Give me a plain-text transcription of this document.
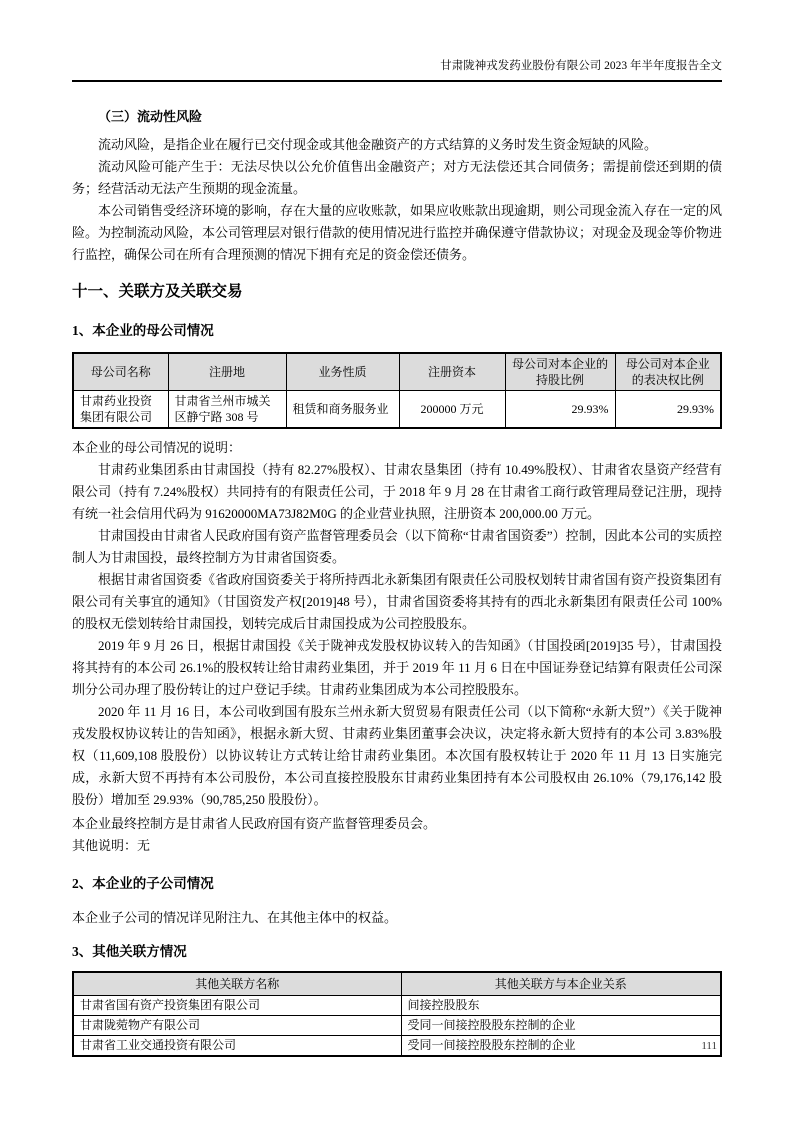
甘肃陇神戎发药业股份有限公司 2023 年半年度报告全文

（三）流动性风险

流动风险，是指企业在履行已交付现金或其他金融资产的方式结算的义务时发生资金短缺的风险。

流动风险可能产生于：无法尽快以公允价值售出金融资产；对方无法偿还其合同债务；需提前偿还到期的债务；经营活动无法产生预期的现金流量。

本公司销售受经济环境的影响，存在大量的应收账款，如果应收账款出现逾期，则公司现金流入存在一定的风险。为控制流动风险，本公司管理层对银行借款的使用情况进行监控并确保遵守借款协议；对现金及现金等价物进行监控，确保公司在所有合理预测的情况下拥有充足的资金偿还债务。

十一、关联方及关联交易

1、本企业的母公司情况

母公司名称	注册地	业务性质	注册资本	母公司对本企业的持股比例	母公司对本企业的表决权比例
甘肃药业投资集团有限公司	甘肃省兰州市城关区静宁路 308 号	租赁和商务服务业	200000 万元	29.93%	29.93%

本企业的母公司情况的说明：

甘肃药业集团系由甘肃国投（持有 82.27%股权）、甘肃农垦集团（持有 10.49%股权）、甘肃省农垦资产经营有限公司（持有 7.24%股权）共同持有的有限责任公司，于 2018 年 9 月 28 在甘肃省工商行政管理局登记注册，现持有统一社会信用代码为 91620000MA73J82M0G 的企业营业执照，注册资本 200,000.00 万元。

甘肃国投由甘肃省人民政府国有资产监督管理委员会（以下简称“甘肃省国资委”）控制，因此本公司的实质控制人为甘肃国投，最终控制方为甘肃省国资委。

根据甘肃省国资委《省政府国资委关于将所持西北永新集团有限责任公司股权划转甘肃省国有资产投资集团有限公司有关事宜的通知》（甘国资发产权[2019]48 号），甘肃省国资委将其持有的西北永新集团有限责任公司 100%的股权无偿划转给甘肃国投，划转完成后甘肃国投成为公司控股股东。

2019 年 9 月 26 日，根据甘肃国投《关于陇神戎发股权协议转入的告知函》（甘国投函[2019]35 号），甘肃国投将其持有的本公司 26.1%的股权转让给甘肃药业集团，并于 2019 年 11 月 6 日在中国证券登记结算有限责任公司深圳分公司办理了股份转让的过户登记手续。甘肃药业集团成为本公司控股股东。

2020 年 11 月 16 日，本公司收到国有股东兰州永新大贸贸易有限责任公司（以下简称“永新大贸”）《关于陇神戎发股权协议转让的告知函》，根据永新大贸、甘肃药业集团董事会决议，决定将永新大贸持有的本公司 3.83%股权（11,609,108 股股份）以协议转让方式转让给甘肃药业集团。本次国有股权转让于 2020 年 11 月 13 日实施完成，永新大贸不再持有本公司股份，本公司直接控股股东甘肃药业集团持有本公司股权由 26.10%（79,176,142 股股份）增加至 29.93%（90,785,250 股股份）。

本企业最终控制方是甘肃省人民政府国有资产监督管理委员会。

其他说明：无

2、本企业的子公司情况

本企业子公司的情况详见附注九、在其他主体中的权益。

3、其他关联方情况

其他关联方名称	其他关联方与本企业关系
甘肃省国有资产投资集团有限公司	间接控股股东
甘肃陇菀物产有限公司	受同一间接控股股东控制的企业
甘肃省工业交通投资有限公司	受同一间接控股股东控制的企业	111
